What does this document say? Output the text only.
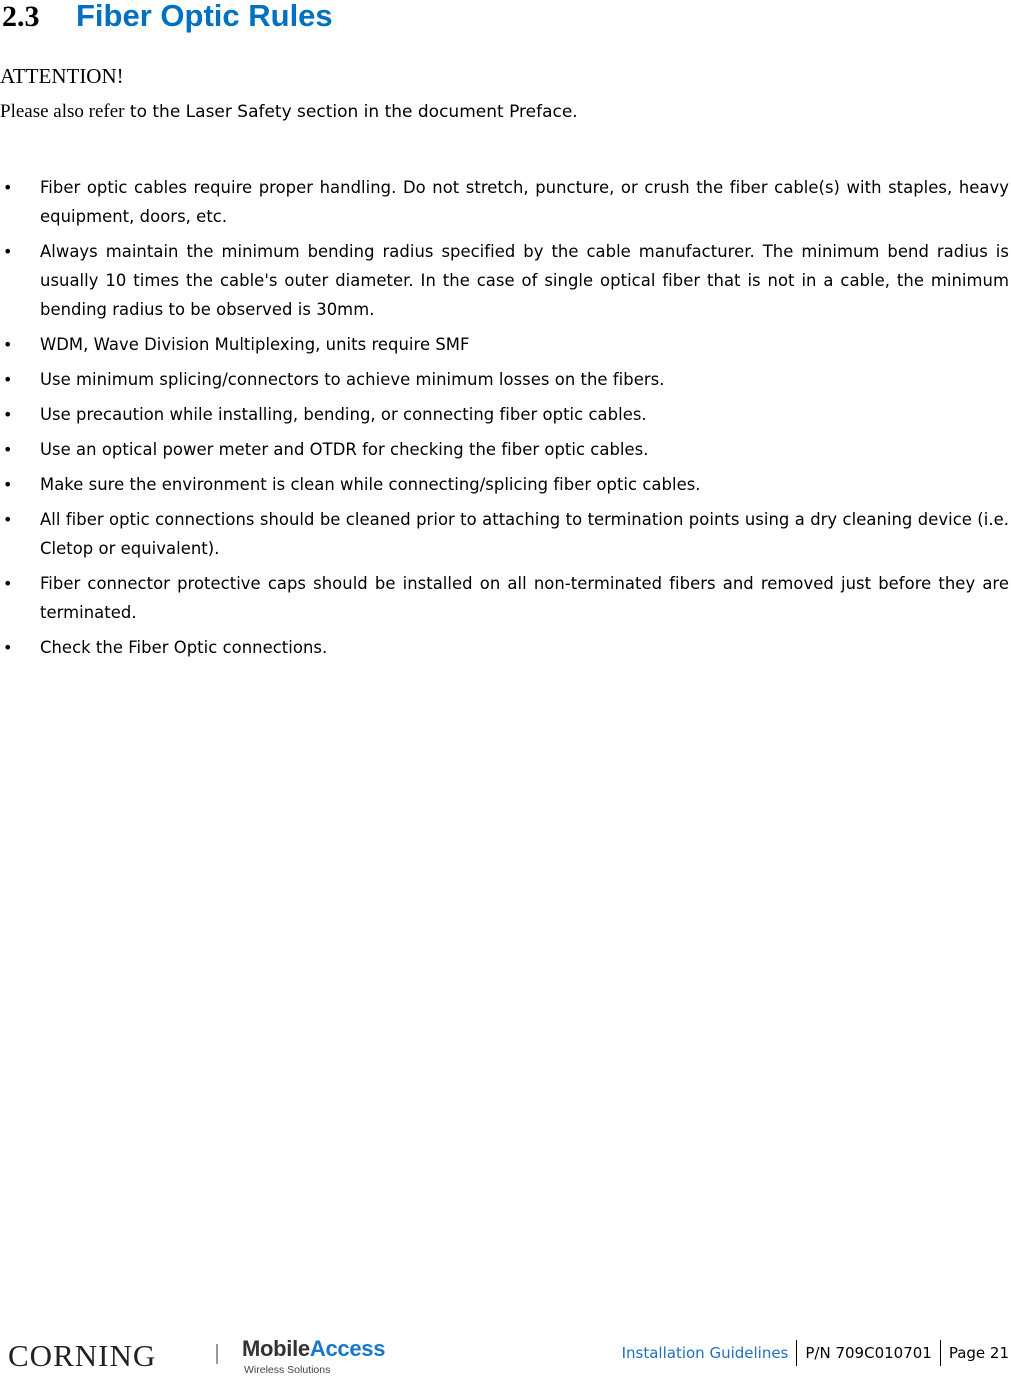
2.3	Fiber Optic Rules
ATTENTION!
Please also refer to the Laser Safety section in the document Preface.
• Fiber optic cables require proper handling. Do not stretch, puncture, or crush the fiber cable(s) with staples, heavy equipment, doors, etc.
• Always maintain the minimum bending radius specified by the cable manufacturer. The minimum bend radius is usually 10 times the cable's outer diameter. In the case of single optical fiber that is not in a cable, the minimum bending radius to be observed is 30mm.
• WDM, Wave Division Multiplexing, units require SMF
• Use minimum splicing/connectors to achieve minimum losses on the fibers.
• Use precaution while installing, bending, or connecting fiber optic cables.
• Use an optical power meter and OTDR for checking the fiber optic cables.
• Make sure the environment is clean while connecting/splicing fiber optic cables.
• All fiber optic connections should be cleaned prior to attaching to termination points using a dry cleaning device (i.e. Cletop or equivalent).
• Fiber connector protective caps should be installed on all non-terminated fibers and removed just before they are terminated.
• Check the Fiber Optic connections.
CORNING	MobileAccess
Wireless Solutions
Installation Guidelines	P/N 709C010701	Page 21
